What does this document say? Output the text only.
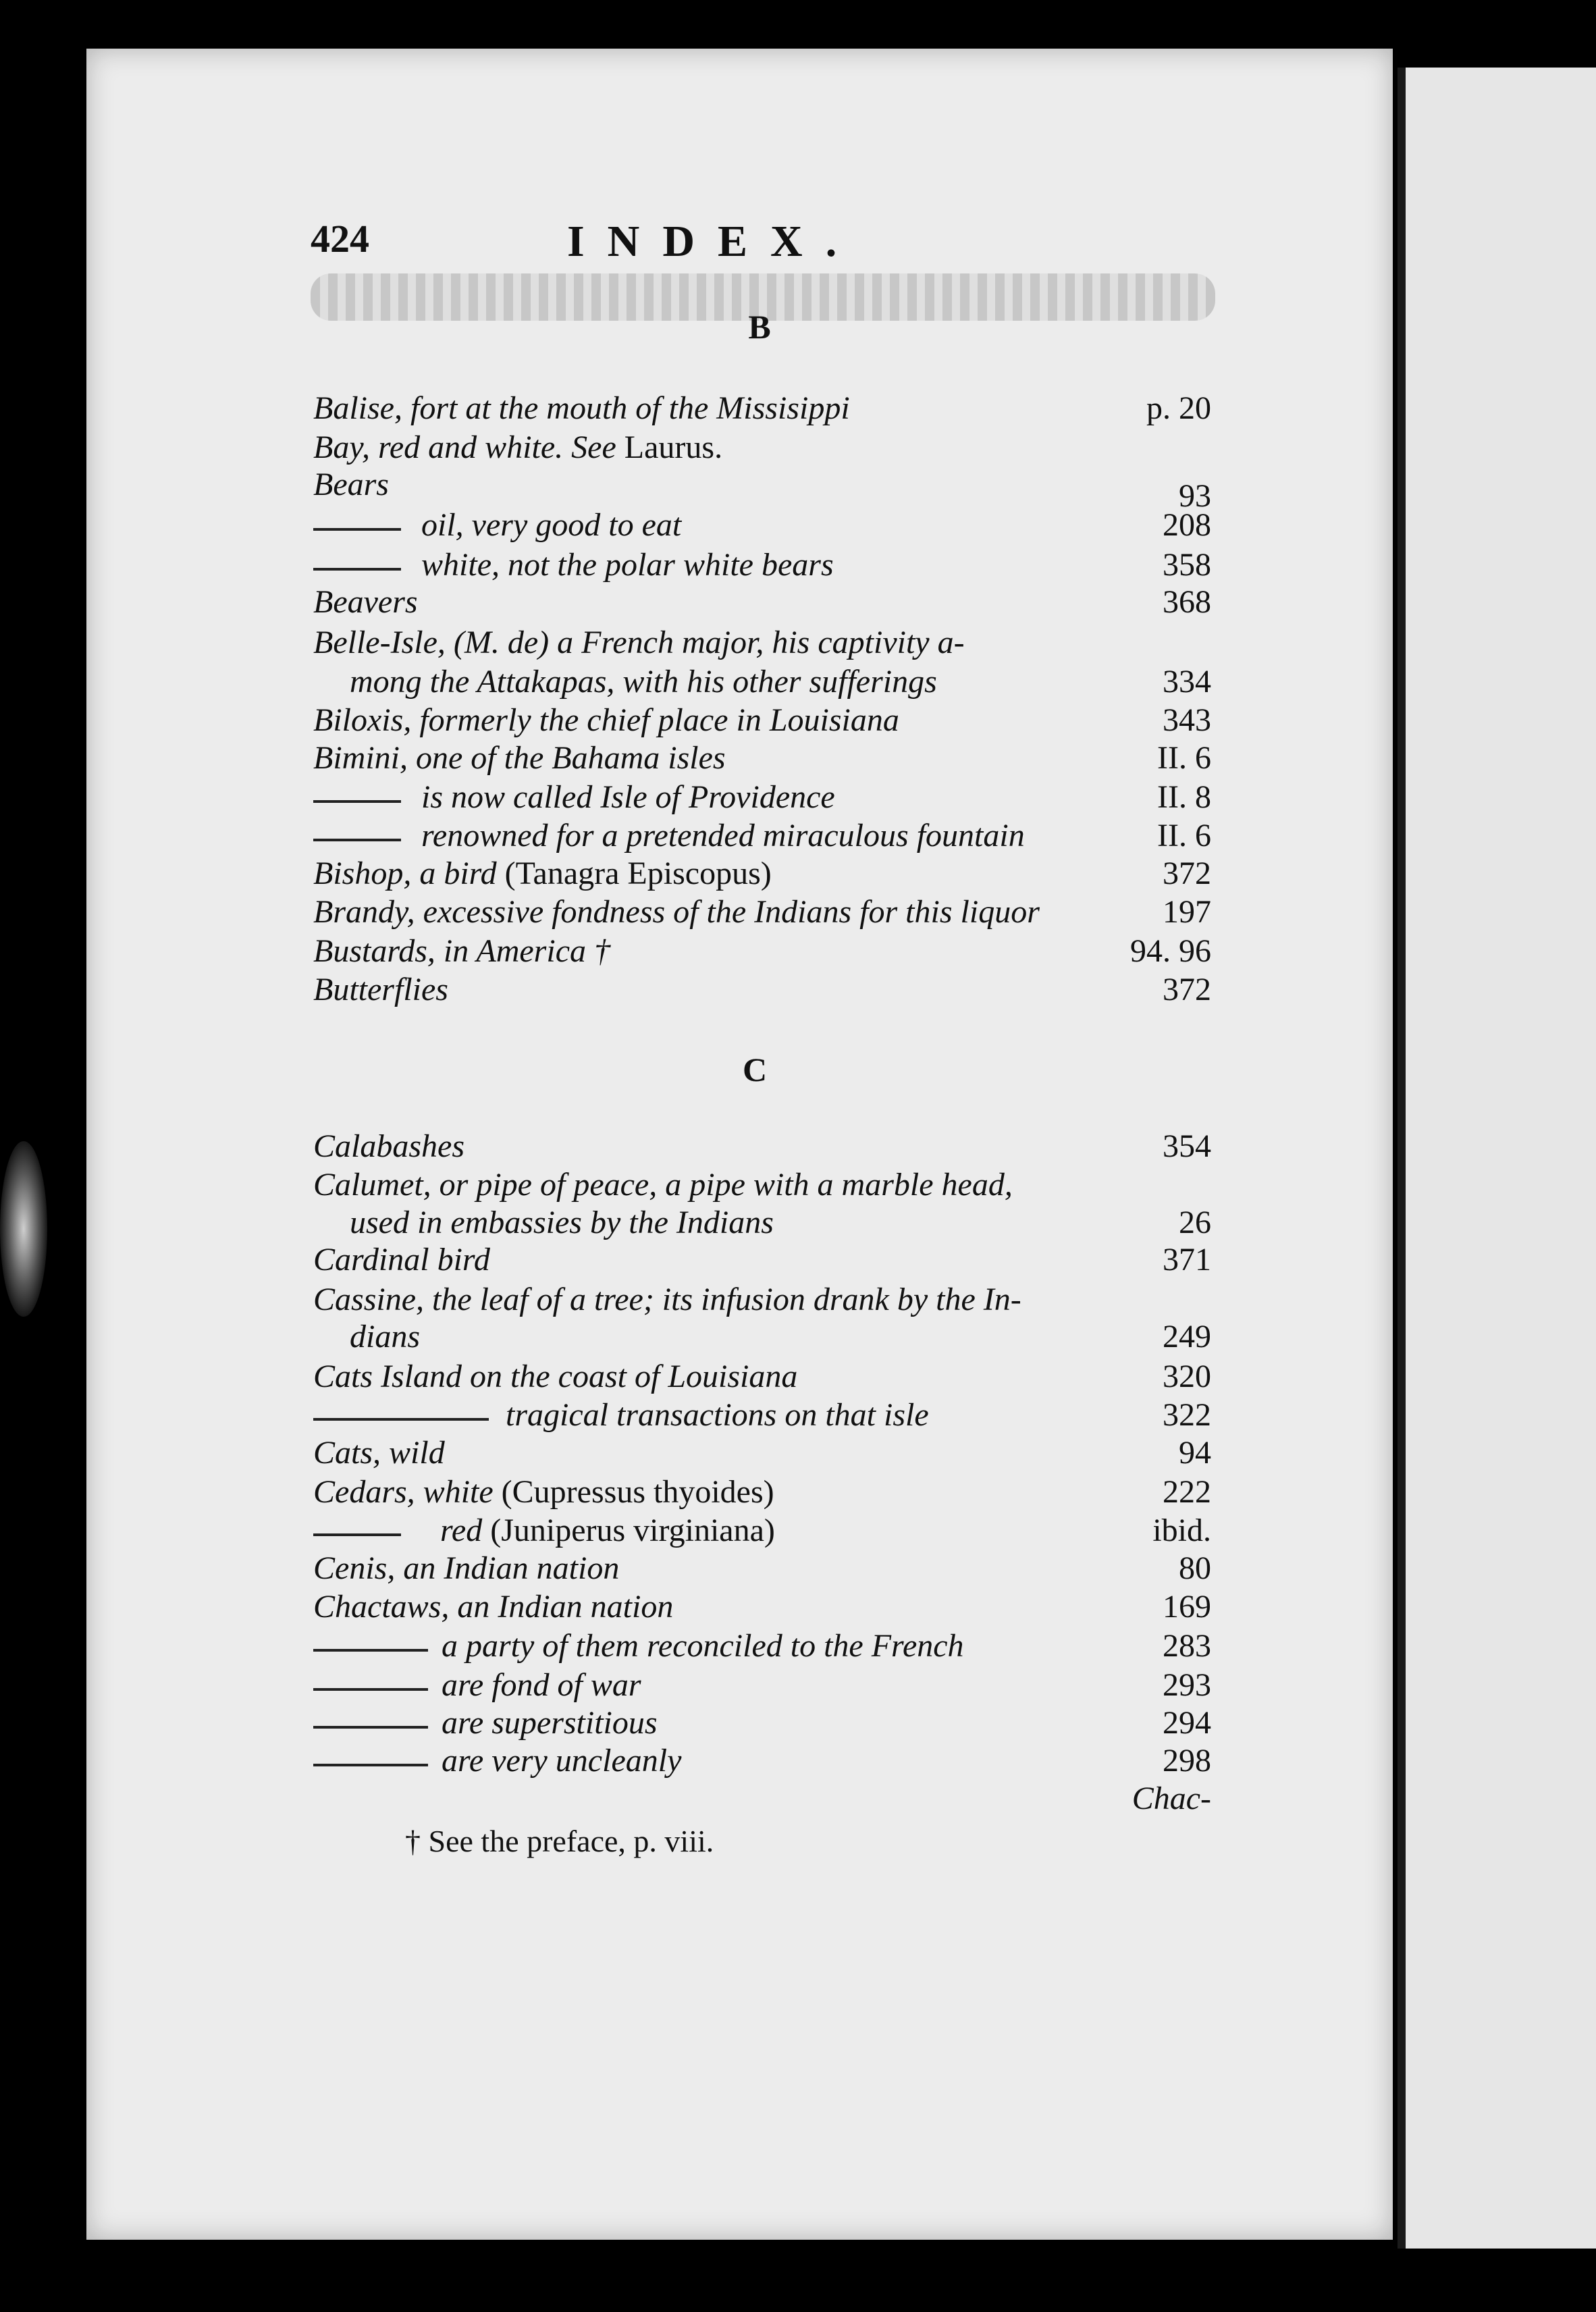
424	INDEX.
B
Balise, fort at the mouth of the Missisippi	p. 20
Bay, red and white. See Laurus.
Bears	93
oil, very good to eat	208
white, not the polar white bears	358
Beavers	368
Belle-Isle, (M. de) a French major, his captivity a-
mong the Attakapas, with his other sufferings	334
Biloxis, formerly the chief place in Louisiana	343
Bimini, one of the Bahama isles	II. 6
is now called Isle of Providence	II. 8
renowned for a pretended miraculous fountain	II. 6
Bishop, a bird (Tanagra Episcopus)	372
Brandy, excessive fondness of the Indians for this liquor	197
Bustards, in America †	94. 96
Butterflies	372
C
Calabashes	354
Calumet, or pipe of peace, a pipe with a marble head,
used in embassies by the Indians	26
Cardinal bird	371
Cassine, the leaf of a tree; its infusion drank by the In-
dians	249
Cats Island on the coast of Louisiana	320
tragical transactions on that isle	322
Cats, wild	94
Cedars, white (Cupressus thyoides)	222
red (Juniperus virginiana)	ibid.
Cenis, an Indian nation	80
Chactaws, an Indian nation	169
a party of them reconciled to the French	283
are fond of war	293
are superstitious	294
are very uncleanly	298
Chac-
† See the preface, p. viii.
